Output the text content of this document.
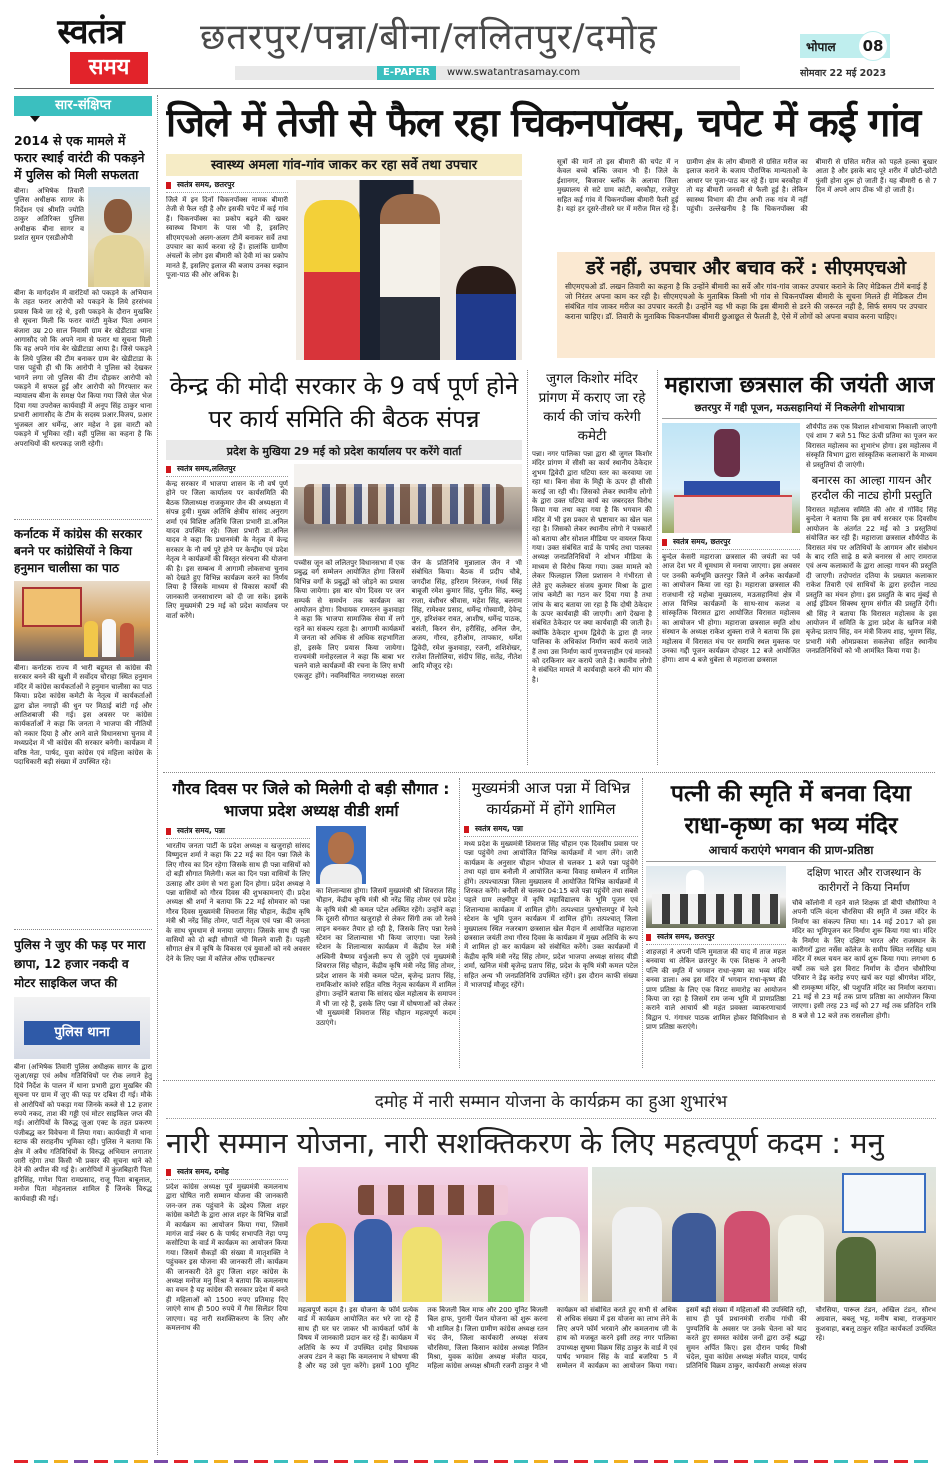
स्वतंत्र
समय
छतरपुर/पन्ना/बीना/ललितपुर/दमोह
E-PAPER	www.swatantrasamay.com
भोपाल	08
सोमवार 22 मई 2023
सार-संक्षिप्त
2014 से एक मामले में फरार स्थाई वारंटी की पकड़ने में पुलिस को मिली सफलता
बीना। अभिषेक तिवारी पुलिस अधीक्षक सागर के निर्देशन एवं श्रीमति ज्योति ठाकुर अतिरिक्त पुलिस अधीक्षक बीना सागर व प्रशांत सुमन एसडीओपी
बीना के मार्गदर्शन में वारंटियों को पकड़ने के अभियान के तहत फरार आरोपी को पकड़ने के लिये हरसंभव प्रयास किये जा रहे थे, इसी पकड़ने के दौरान मुखबिर से सूचना मिली कि फरार वारंटी मुकेश पिता अमान बंजारा उम्र 20 साल निवासी ग्राम बेर खेडीटाडा थाना आगासौद जो कि अपने नाम से फरार था सूचना मिली कि वह अपने गांव बेर खेडीटाडा आया है। जिसे पकड़ने के लिये पुलिस की टीम बनाकर ग्राम बेर खेडीटाडा के पास पहुंची ही थी कि आरोपी ने पुलिस को देखकर भागने लगा जो पुलिस की टीम दौड़कर आरोपी को पकड़ने में सफल हुई और आरोपी को गिरफ्तार कर न्यायालय बीना के समक्ष पेश किया गया जिसे जेल भेज दिया गया उपरोक्त कार्यवाही में अनूप सिंह ठाकुर थाना प्रभारी आगासौद के टीम के सदस्य प्रआर.विजय, प्रआर भुजबल आर धर्मेन्द्र, आर महेश ने इस वारटी को पकड़ने में भूमिका रही। वहीं पुलिस का कहना है कि अपराधियों की धरपकड़ जारी रहेगी।
कर्नाटक में कांग्रेस की सरकार बनने पर कांग्रेसियों ने किया हनुमान चालीसा का पाठ
बीना। कर्नाटक राज्य में भारी बहुमत से कांग्रेस की सरकार बनने की खुशी में सर्वोदय चौराहा स्थित हनुमान मंदिर में कांग्रेस कार्यकर्ताओं ने हनुमान चालीसा का पाठ किया। प्रदेश कांग्रेस कमेटी के नेतृत्व में कार्यकर्ताओं द्वारा ढोल नगाड़ों की धुन पर मिठाई बांटी गई और आतिशबाजी की गई। इस अवसर पर कांग्रेस कार्यकर्ताओं ने कहा कि जनता ने भाजपा की नीतियों को नकार दिया है और आने वाले विधानसभा चुनाव में मध्यप्रदेश में भी कांग्रेस की सरकार बनेगी। कार्यक्रम में वरिष्ठ नेता, पार्षद, युवा कांग्रेस एवं महिला कांग्रेस के पदाधिकारी बड़ी संख्या में उपस्थित रहे।
पुलिस ने जुए की फड़ पर मारा छापा, 12 हजार नकदी व मोटर साइकिल जप्त की
पुलिस थाना
बीना (अभिषेक तिवारी पुलिस अधीक्षक सागर के द्वारा जुआ/सट्टा एवं अवैध गतिविधियों पर रोक लगाने हेतु दिये निर्देश के पालन में थाना प्रभारी द्वारा मुखबिर की सूचना पर ग्राम में जुए की फड़ पर दबिश दी गई। मौके से आरोपियों को पकड़ा गया जिनके कब्जे से 12 हजार रुपये नकद, ताश की गड्डी एवं मोटर साइकिल जप्त की गई। आरोपियों के विरुद्ध जुआ एक्ट के तहत प्रकरण पंजीबद्ध कर विवेचना में लिया गया। कार्यवाही में थाना स्टाफ की सराहनीय भूमिका रही। पुलिस ने बताया कि क्षेत्र में अवैध गतिविधियों के विरुद्ध अभियान लगातार जारी रहेगा तथा किसी भी प्रकार की सूचना थाने को देने की अपील की गई है। आरोपियों में कुंजबिहारी पिता हरिसिंह, गणेश पिता रामप्रसाद, राजू पिता बाबूलाल, मनोज पिता मोहनलाल शामिल हैं जिनके विरुद्ध कार्यवाही की गई।
जिले में तेजी से फैल रहा चिकनपॉक्स, चपेट में कई गांव
स्वास्थ्य अमला गांव-गांव जाकर कर रहा सर्वे तथा उपचार
स्वतंत्र समय, छतरपुर
जिले में इन दिनों चिकनपॉक्स नामक बीमारी तेजी से फैल रही है और इसकी चपेट में कई गांव हैं। चिकनपॉक्स का प्रकोप बढ़ने की खबर स्वास्थ्य विभाग के पास भी है, इसलिए सीएमएचओ अलग-अलग टीमें बनाकर सर्वे तथा उपचार का कार्य करवा रहे हैं। हालांकि ग्रामीण अंचलों के लोग इस बीमारी को देवी मां का प्रकोप मानते हैं, इसलिए इलाज की बजाय उनका रुझान पूजा-पाठ की ओर अधिक है।
सूत्रों की मानें तो इस बीमारी की चपेट में न केवल बच्चे बल्कि जवान भी हैं। जिले के ईशानगर, बिजावर ब्लॉक के अलावा जिला मुख्यालय से सटे ग्राम कांटी, बरकौहा, राजेपुर सहित कई गांव में चिकनपॉक्स बीमारी फैली हुई है। यहां हर दूसरे-तीसरे घर में मरीज मिल रहे हैं। ग्रामीण क्षेत्र के लोग बीमारी से ग्रसित मरीज का इलाज कराने के बजाय पौराणिक मान्यताओं के आधार पर पूजा-पाठ कर रहे हैं। ग्राम बरकौहा में तो यह बीमारी जनवरी से फैली हुई है। लेकिन स्वास्थ्य विभाग की टीम अभी तक गांव में नहीं पहुंची। उल्लेखनीय है कि चिकनपॉक्स की बीमारी से ग्रसित मरीज को पहले हल्का बुखार आता है और इसके बाद पूरे शरीर में छोटी-छोटी फुंसी होना शुरू हो जाती हैं। यह बीमारी 6 से 7 दिन में अपने आप ठीक भी हो जाती है।
डरें नहीं, उपचार और बचाव करें : सीएमएचओ
सीएमएचओ डॉ. लखन तिवारी का कहना है कि उन्होंने बीमारी का सर्वे और गांव-गांव जाकर उपचार कराने के लिए मेडिकल टीमें बनाई हैं जो निरंतर अपना काम कर रही है। सीएमएचओ के मुताबिक किसी भी गांव से चिकनपॉक्स बीमारी के सूचना मिलते ही मेडिकल टीम संबंधित गांव जाकर मरीज का उपचार करती है। उन्होंने यह भी कहा कि इस बीमारी से डरने की जरूरत नही है, सिर्फ समय पर उपचार कराना चाहिए। डॉ. तिवारी के मुताबिक चिकनपॉक्स बीमारी छुआछूत से फैलती है, ऐसे में लोगों को अपना बचाव करना चाहिए।
केन्द्र की मोदी सरकार के 9 वर्ष पूर्ण होने पर कार्य समिति की बैठक संपन्न
प्रदेश के मुखिया 29 मई को प्रदेश कार्यालय पर करेंगे वार्ता
स्वतंत्र समय,ललितपुर
केन्द्र सरकार में भाजपा शासन के नौ वर्ष पूर्ण होने पर जिला कार्यालय पर कार्यसमिति की बैठक जिलाध्यक्ष राजकुमार जैन की अध्यक्षता में संपन्न हुयी। मुख्य अतिथि क्षेत्रीय सांसद अनुराग शर्मा एवं विशिष्ट अतिथि जिला प्रभारी डा.अनिल यादव उपस्थित रहे। जिला प्रभारी डा.अनिल यादव ने कहा कि प्रधानमंत्री के नेतृत्व में केन्द्र सरकार के नौ वर्ष पूरे होने पर केन्द्रीय एवं प्रदेश नेतृत्व ने कार्यक्रमों की विस्तृत संरचना की योजना की है। इस सम्बन्ध में आगामी लोकसभा चुनाव को देखते हुए विभिन्न कार्यक्रम करने का निर्णय लिया है जिसके माध्यम से विकास कार्यों की जानकारी जनसाधारण को दी जा सके। इसके लिए मुख्यमंत्री 29 मई को प्रदेश कार्यालय पर वार्ता करेंगे।
पच्चीस जून को ललितपुर विधानसभा में एक प्रबुद्ध वर्ग सम्मेलन आयोजित होगा जिसमें विभिन्न वर्गों के प्रबुद्धों को जोड़ने का प्रयास किया जायेगा। इस बार योग दिवस पर जन सम्पर्क से समर्थन तक कार्यक्रम का आयोजन होगा। विधायक रामरतन कुशवाहा ने कहा कि भाजपा सामाजिक सेवा में लगे रहने का संकल्प रहता है। आगामी कार्यक्रमों में जनता को अधिक से अधिक सहभागिता हो, इसके लिए प्रयास किया जायेगा। राज्यमंत्री मनोहरलाल ने कहा कि बाबा भर चलने वाले कार्यक्रमों की रचना के लिए सभी एकजुट होंगे। नवनिर्वाचित नगराध्यक्ष सरला जैन के प्रतिनिधि मुन्नालाल जैन ने भी संबोधित किया। बैठक में प्रदीप चौबे, जगदीश सिंह, हरिराम निरंजन, गंधर्व सिंह बाबूजी रमेश कुमार सिंह, पुनीत सिंह, बब्लू राजा, वंशीधर श्रीवास, महेश सिंह, बलराम सिंह, रामेश्वर प्रसाद, धर्मेन्द्र गोस्वामी, देवेन्द्र गुरु, हरिशंकर रावत, आशीष, धर्मेन्द्र पाठक, बसंती, किरन सेन, हरीसिंह, अनिल जैन, अजय, गौरव, हरीओम, तापकार, धर्मेश द्विवेदी, रमेश कुशवाहा, रजनी, शशिशेखर, राजेश तिलोलिया, संदीप सिंह, सतेंद्र, नीतेश आदि मौजूद रहे।
जुगल किशोर मंदिर प्रांगण में कराए जा रहे कार्य की जांच करेगी कमेटी
पन्ना। नगर पालिका पन्ना द्वारा श्री जुगल किशोर मंदिर प्रांगण में सीसी का कार्य स्थानीय ठेकेदार शुभम द्विवेदी द्वारा घटिया स्तर का करवाया जा रहा था। बिना सेवा के मिट्टी के ऊपर ही सीसी कराई जा रही थी। जिसको लेकर स्थानीय लोगो के द्वारा उक्त घटिया कार्य का जबरदस्त विरोध किया गया तथा कहा गया है कि भगवान की मंदिर में भी इस प्रकार से भ्रष्टाचार का खेल चल रहा है। जिसको लेकर स्थानीय लोगो ने पत्रकारों को बताया और सोशल मीडिया पर वायरल किया गया। उक्त संबंधित वार्ड के पार्षद तथा पालका अध्यक्ष जनप्रतिनिधियों ने शोभन मीडिया के माध्यम से विरोध किया गया। उक्त मामले को लेकर फिलहाल जिला प्रशासन ने गंभीरता से लेते हुए कलेक्टर संजय कुमार मिश्रा के द्वारा जांच कमेटी का गठन कर दिया गया है तथा जांच के बाद बताया जा रहा है कि दोषी ठेकेदार के ऊपर कार्यवाही की जाएगी। आगे देखना है संबंधित ठेकेदार पर क्या कार्यवाही की जाती है। क्योंकि ठेकेदार शुभम द्विवेदी के द्वारा ही नगर पालिका के अधिकांश निर्माण कार्य कराये जाते हैं तथा उस निर्माण कार्य गुणवत्ताहीन एवं मानकों को दरकिनार कर कराये जाते है। स्थानीय लोगो ने संबंधित मामले में कार्यवाही करने की मांग की है।
महाराजा छत्रसाल की जयंती आज
छतरपुर में गद्दी पूजन, मऊसहानियां में निकलेगी शोभायात्रा
स्वतंत्र समय, छतरपुर
बुन्देल केसरी महाराजा छत्रसाल की जयंती का पर्व आज देश भर में धूमधाम से मनाया जाएगा। इस अवसर पर उनकी कर्मभूमि छतरपुर जिले में अनेक कार्यक्रमों का आयोजन किया जा रहा है। महाराजा छत्रसाल की राजधानी रहे महोबा मुख्यालय, मऊसहानियां क्षेत्र में आज विभिन्न कार्यक्रमों के साथ-साथ कलश व सांस्कृतिक विरासत द्वारा आयोजित विरासत महोत्सव का आयोजन भी होगा। महाराजा छत्रसाल स्मृति शोध संस्थान के अध्यक्ष राकेश शुक्ला राजे ने बताया कि इस महोत्सव में विरासत मंच पर समाधि स्थल मुक्तक पर उनका गद्दी पूजन कार्यक्रम दोपहर 12 बजे आयोजित होगा। शाम 4 बजे धुबेला से महाराजा छत्रसाल
शौर्यपीठ तक एक विशाल शोभायात्रा निकाली जाएगी एवं शाम 7 बजे 51 फिट ऊंची प्रतिमा का पूजन कर विरासत महोत्सव का शुभारंभ होगा। इस महोत्सव में संस्कृति विभाग द्वारा सांस्कृतिक कलाकारों के माध्यम से प्रस्तुतियां दी जाएंगी।
बनारस का आल्हा गायन और हरदौल की नाट्य होगी प्रस्तुति
विरासत महोत्सव समिति की ओर से गोविंद सिंह बुन्देला ने बताया कि इस वर्ष सरकार एक दिवसीय आयोजन के अंतर्गत 22 मई को 3 प्रस्तुतियां संयोजित कर रही हैं। महाराजा छत्रसाल शौर्यपीठ के विरासत मंच पर अतिथियों के आगमन और संबोधन के बाद राति साढ़े 8 बजे बनारस से आए रामराज एवं अन्य कलाकारों के द्वारा आल्हा गायन की प्रस्तुति दी जाएगी। तदोपरांत दतिया के प्रख्यात कलाकार राकेश तिवारी एवं साथियों के द्वारा हरदौल नाट्य प्रस्तुति का मंचन होगा। इस प्रस्तुति के बाद मुंबई से आई इंडियन सिक्स्थ सुगम संगीत की प्रस्तुति देंगी। श्री सिंह ने बताया कि विरासत महोत्सव के इस आयोजन में समिति के द्वारा प्रदेश के खनिज मंत्री बृजेन्द्र प्रताप सिंह, वन मंत्री विजय शाह, भूमण सिंह, प्रभारी मंत्री ओमप्रकाश सकलेचा सहित स्थानीय जनप्रतिनिधियों को भी आमंत्रित किया गया है।
गौरव दिवस पर जिले को मिलेगी दो बड़ी सौगात : भाजपा प्रदेश अध्यक्ष वीडी शर्मा
स्वतंत्र समय, पन्ना
भारतीय जनता पार्टी के प्रदेश अध्यक्ष व खजुराहो सांसद विष्णुदत्त शर्मा ने कहा कि 22 मई का दिन पन्ना जिले के लिए गौरव का दिन रहेगा जिसके साथ ही पन्ना वासियों को दो बड़ी सौगात मिलेगी। कल का दिन पन्ना वासियों के लिए उत्साह और उमंग से भरा हुआ दिन होगा। प्रदेश अध्यक्ष ने पन्ना वासियों को गौरव दिवस की शुभकामनाएं दी। प्रदेश अध्यक्ष श्री शर्मा ने बताया कि 22 मई सोमवार को पन्ना गौरव दिवस मुख्यमंत्री शिवराज सिंह चौहान, केंद्रीय कृषि मंत्री श्री नरेंद्र सिंह तोमर, पार्टी नेतृत्व एवं पन्ना की जनता के साथ धूमधाम से मनाया जाएगा। जिसके साथ ही पन्ना वासियों को दो बड़ी सौगातें भी मिलने वाली हैं। पहली सौगात क्षेत्र में कृषि के विकास एवं युवाओं को नये अवसर देने के लिए पन्ना में कॉलेज ऑफ एग्रीकल्चर
का शिलान्यास होगा। जिसमें मुख्यमंत्री श्री शिवराज सिंह चौहान, केंद्रीय कृषि मंत्री श्री नरेंद्र सिंह तोमर एवं प्रदेश के कृषि मंत्री श्री कमल पटेल अस्थित रहेंगे। उन्होंने कहा कि दूसरी सौगात खजुराहो से लेकर सिंगी तक जो रेलवे लाइन बनकर तैयार हो रही है, जिसके लिए पन्ना रेलवे स्टेशन का शिलान्यास भी किया जाएगा। पन्ना रेलवे स्टेशन के शिलान्यास कार्यक्रम में केंद्रीय रेल मंत्री अश्विनी वैष्णव वर्चुअली रूप से जुड़ेंगे एवं मुख्यमंत्री शिवराज सिंह चौहान, केंद्रीय कृषि मंत्री नरेंद्र सिंह तोमर, प्रदेश शासन के मंत्री कमल पटेल, बृजेन्द्र प्रताप सिंह, रामकिशोर कांवरे सहित वरिष्ठ नेतृत्व कार्यक्रम में शामिल होगा। उन्होंने बताया कि सांसद खेल महोत्सव के समापन में भी जा रहे हैं, इसके लिए पन्ना में घोषणाओं को लेकर भी मुख्यमंत्री शिवराज सिंह चौहान महत्वपूर्ण कदम उठाएंगे।
मुख्यमंत्री आज पन्ना में विभिन्न कार्यक्रमों में होंगे शामिल
स्वतंत्र समय, पन्ना
मध्य प्रदेश के मुख्यमंत्री शिवराज सिंह चौहान एक दिवसीय प्रवास पर पन्ना पहुंचेंगे तथा आयोजित विभिन्न कार्यक्रमों में भाग लेंगे। जारी कार्यक्रम के अनुसार चौहान भोपाल से चलकर 1 बजे पन्ना पहुंचेंगे तथा यहां ग्राम बनौली में आयोजित कन्या विवाह सम्मेलन में शामिल होंगे। तत्पश्चात्पन्ना जिला मुख्यालय में आयोजित विभिन्न कार्यक्रमों में शिरकत करेंगे। बनौली से चलकर 04:15 बजे पन्ना पहुंचेंगे तथा सबसे पहले ग्राम लक्ष्मीपुर में कृषि महाविद्यालय के भूमि पूजन एवं शिलान्यास कार्यक्रम में शामिल होंगे। तत्पश्चात पुरुषोत्तमपुर में रेल्वे स्टेशन के भूमि पूजन कार्यक्रम में शामिल होंगे। तत्पश्चात् जिला मुख्यालय स्थित नजरबाग छत्रसाल खेल मैदान में आयोजित महाराजा छत्रसाल जयंती तथा गौरव दिवस के कार्यक्रम में मुख्य अतिथि के रूप में शामिल हो कर कार्यक्रम को संबोधित करेंगे। उक्त कार्यक्रमों में केंद्रीय कृषि मंत्री नरेंद्र सिंह तोमर, प्रदेश भाजपा अध्यक्ष सांसद वीडी शर्मा, खनिज मंत्री बृजेन्द्र प्रताप सिंह, प्रदेश के कृषि मंत्री कमल पटेल सहित अन्य भी जनप्रतिनिधि उपस्थित रहेंगे। इस दौरान काफी संख्या में भाजपाई मौजूद रहेंगे।
पत्नी की स्मृति में बनवा दिया राधा-कृष्ण का भव्य मंदिर
आचार्य कराएंगे भगवान की प्राण-प्रतिष्ठा
स्वतंत्र समय, छतरपुर
शाहजहां ने अपनी पत्नि मुमताज की याद में ताज महल बनवाया था लेकिन छतरपुर के एक शिक्षक ने अपनी पत्नि की स्मृति में भगवान राधा-कृष्ण का भव्य मंदिर बनवा डाला। अब इस मंदिर में भगवान राधा-कृष्ण की प्राण प्रतिष्ठा के लिए एक विराट समारोह का आयोजन किया जा रहा है जिसमें राम जन्म भूमि में प्राणप्रतिष्ठा कराने वाले आचार्य श्री महंत प्रवक्ता व्याकरणाचार्य विद्वान पं. गंगाधर पाठक शामिल होकर विधिविधान से प्राण प्रतिष्ठा कराएंगे।
दक्षिण भारत और राजस्थान के कारीगरों ने किया निर्माण
चौबे कॉलोनी में रहने वाले शिक्षक डॉ बीपी चौसौरिया ने अपनी पत्नि वंदना चौरसिया की स्मृति में उक्त मंदिर के निर्माण का संकल्प लिया था। 14 मई 2017 को इस मंदिर का भूमिपूजन कर निर्माण शुरू किया गया था। मंदिर के निर्माण के लिए दक्षिण भारत और राजस्थान के कारीगरों द्वारा नर्सेस कॉलेज के समीप स्थित नरसिंह धाम मंदिर में स्थल चयन कर कार्य शुरू किया गया। लगभग 6 वर्षों तक चले इस विराट निर्माण के दौरान चौसौरिया परिवार ने डेढ़ करोड़ रुपए खर्च कर यहां श्रीगणेश मंदिर, श्री रामकृष्ण मंदिर, श्री पशुपति मंदिर का निर्माण कराया। 21 मई से 23 मई तक प्राण प्रतिष्ठा का आयोजन किया जाएगा। इसी तरह 23 मई को 27 मई तक प्रतिदिन रात्रि 8 बजे से 12 बजे तक रासलीला होगी।
दमोह में नारी सम्मान योजना के कार्यक्रम का हुआ शुभारंभ
नारी सम्मान योजना, नारी सशक्तिकरण के लिए महत्वपूर्ण कदम : मनु
स्वतंत्र समय, दमोह
प्रदेश कांग्रेस अध्यक्ष पूर्व मुख्यमंत्री कमलनाथ द्वारा घोषित नारी सम्मान योजना की जानकारी जन-जन तक पहुंचाने के उद्देश्य जिला शहर कांग्रेस कमेटी के द्वारा आज शहर के विभिन्न वार्डों में कार्यक्रम का आयोजन किया गया, जिसमें मागंज वार्ड नंबर 6 के पार्षद सभापति नेहा पप्पू कसोटिया के वार्ड में कार्यक्रम का आयोजन किया गया। जिसमें सैकड़ों की संख्या में मातृशक्ति ने पहुंचकर इस योजना की जानकारी ली। कार्यक्रम की जानकारी देते हुए जिला शहर कांग्रेस के अध्यक्ष मनोज मनु मिश्रा ने बताया कि कमलनाथ का वचन है यह कांग्रेस की सरकार प्रदेश में बनते ही महिलाओं को 1500 रुपए प्रतिमाह दिए जाएंगे साथ ही 500 रुपये में गैस सिलेंडर दिया जाएगा। यह नारी सशक्तिकरण के लिए और कमलनाथ की
महत्वपूर्ण कदम है। इस योजना के फॉर्म प्रत्येक वार्ड में कार्यक्रम आयोजित कर भरे जा रहे हैं साथ ही घर घर जाकर भी कार्यकर्ता फॉर्म के विषय में जानकारी प्रदान कर रहे हैं। कार्यक्रम में अतिथि के रूप में उपस्थित दमोह विधायक अजय टंडन ने कहा कि कमलनाथ ने घोषणा की है और यह उसे पूरा करेंगे। इसमें 100 यूनिट तक बिजली बिल माफ और 200 यूनिट बिजली बिल हाफ, पुरानी पेंशन योजना को शुरू करना भी शामिल है। जिला ग्रामीण कांग्रेस अध्यक्ष रतन चंद जैन, जिला कार्यकारी अध्यक्ष संजय चौरसिया, जिला किसान कांग्रेस अध्यक्ष नितिन मिश्रा, युवक कांग्रेस अध्यक्ष मंजीत यादव, महिला कांग्रेस अध्यक्ष श्रीमती रजनी ठाकुर ने भी कार्यक्रम को संबोधित करते हुए सभी से अधिक से अधिक संख्या में इस योजना का लाभ लेने के लिए अपने फॉर्म भरवाने और कमलनाथ जी के हाथ को मजबूत करने इसी तरह नगर पालिका उपाध्यक्ष सुषमा विक्रम सिंह ठाकुर के वार्ड में एवं पार्षद भगवान सिंह के वार्ड बजरिया 5 में सम्मेलन में कार्यक्रम का आयोजन किया गया। इसमें बड़ी संख्या में महिलाओं की उपस्थिति रही, साथ ही पूर्व प्रधानमंत्री राजीव गांधी की पुण्यतिथि के अवसर पर उनके चेतना को याद करते हुए समस्त कांग्रेस जनों द्वारा उन्हें श्रद्धा सुमन अर्पित किए। इस दौरान पार्षद मिश्री चंदेल, युवा कांग्रेस अध्यक्ष मंजीत यादव, पार्षद प्रतिनिधि विक्रम ठाकुर, कार्यकारी अध्यक्ष संजय चौरसिया, पारूल टंडन, अखिल टंडन, सौरभ अग्रवाल, बबलू भट्ट, मनीष बाबा, राजकुमार कुशवाहा, बबलू ठाकुर सहित कार्यकर्ता उपस्थित रहे।
